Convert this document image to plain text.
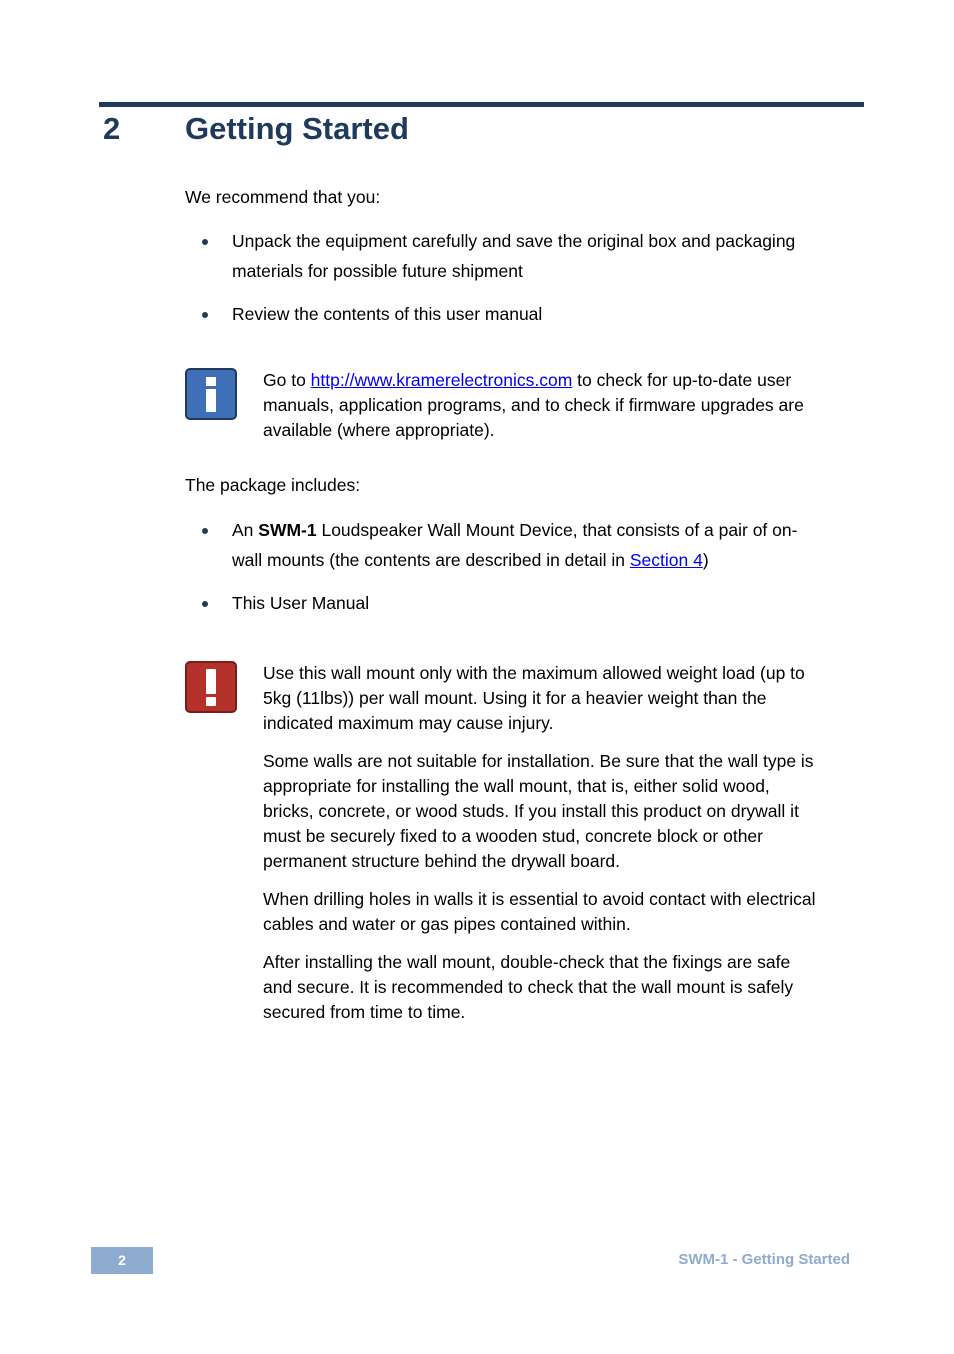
2 Getting Started
We recommend that you:
Unpack the equipment carefully and save the original box and packaging materials for possible future shipment
Review the contents of this user manual
Go to http://www.kramerelectronics.com to check for up-to-date user manuals, application programs, and to check if firmware upgrades are available (where appropriate).
The package includes:
An SWM-1 Loudspeaker Wall Mount Device, that consists of a pair of on-wall mounts (the contents are described in detail in Section 4)
This User Manual

Use this wall mount only with the maximum allowed weight load (up to 5kg (11lbs)) per wall mount. Using it for a heavier weight than the indicated maximum may cause injury.

Some walls are not suitable for installation. Be sure that the wall type is appropriate for installing the wall mount, that is, either solid wood, bricks, concrete, or wood studs. If you install this product on drywall it must be securely fixed to a wooden stud, concrete block or other permanent structure behind the drywall board.

When drilling holes in walls it is essential to avoid contact with electrical cables and water or gas pipes contained within.

After installing the wall mount, double-check that the fixings are safe and secure. It is recommended to check that the wall mount is safely secured from time to time.

2	SWM-1 - Getting Started
